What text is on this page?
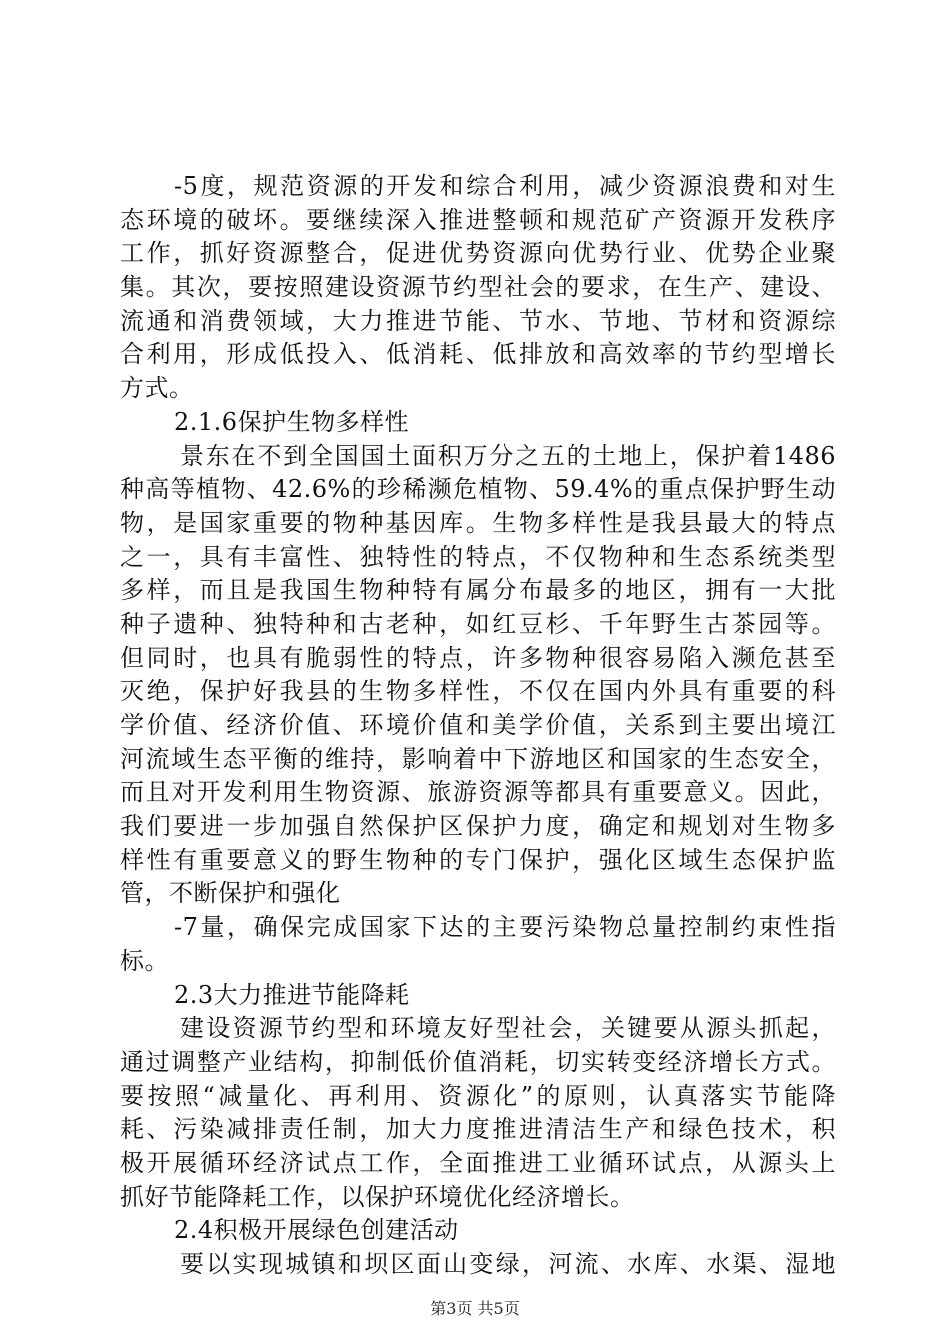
-5度，规范资源的开发和综合利用，减少资源浪费和对生
态环境的破坏。要继续深入推进整顿和规范矿产资源开发秩序
工作，抓好资源整合，促进优势资源向优势行业、优势企业聚
集。其次，要按照建设资源节约型社会的要求，在生产、建设、
流通和消费领域，大力推进节能、节水、节地、节材和资源综
合利用，形成低投入、低消耗、低排放和高效率的节约型增长
方式。
2.1.6保护生物多样性
景东在不到全国国土面积万分之五的土地上，保护着1486
种高等植物、42.6%的珍稀濒危植物、59.4%的重点保护野生动
物，是国家重要的物种基因库。生物多样性是我县最大的特点
之一，具有丰富性、独特性的特点，不仅物种和生态系统类型
多样，而且是我国生物种特有属分布最多的地区，拥有一大批
种子遗种、独特种和古老种，如红豆杉、千年野生古茶园等。
但同时，也具有脆弱性的特点，许多物种很容易陷入濒危甚至
灭绝，保护好我县的生物多样性，不仅在国内外具有重要的科
学价值、经济价值、环境价值和美学价值，关系到主要出境江
河流域生态平衡的维持，影响着中下游地区和国家的生态安全，
而且对开发利用生物资源、旅游资源等都具有重要意义。因此，
我们要进一步加强自然保护区保护力度，确定和规划对生物多
样性有重要意义的野生物种的专门保护，强化区域生态保护监
管，不断保护和强化
-7量，确保完成国家下达的主要污染物总量控制约束性指
标。
2.3大力推进节能降耗
建设资源节约型和环境友好型社会，关键要从源头抓起，
通过调整产业结构，抑制低价值消耗，切实转变经济增长方式。
要按照“减量化、再利用、资源化”的原则，认真落实节能降
耗、污染减排责任制，加大力度推进清洁生产和绿色技术，积
极开展循环经济试点工作，全面推进工业循环试点，从源头上
抓好节能降耗工作，以保护环境优化经济增长。
2.4积极开展绿色创建活动
要以实现城镇和坝区面山变绿，河流、水库、水渠、湿地
第3页 共5页
